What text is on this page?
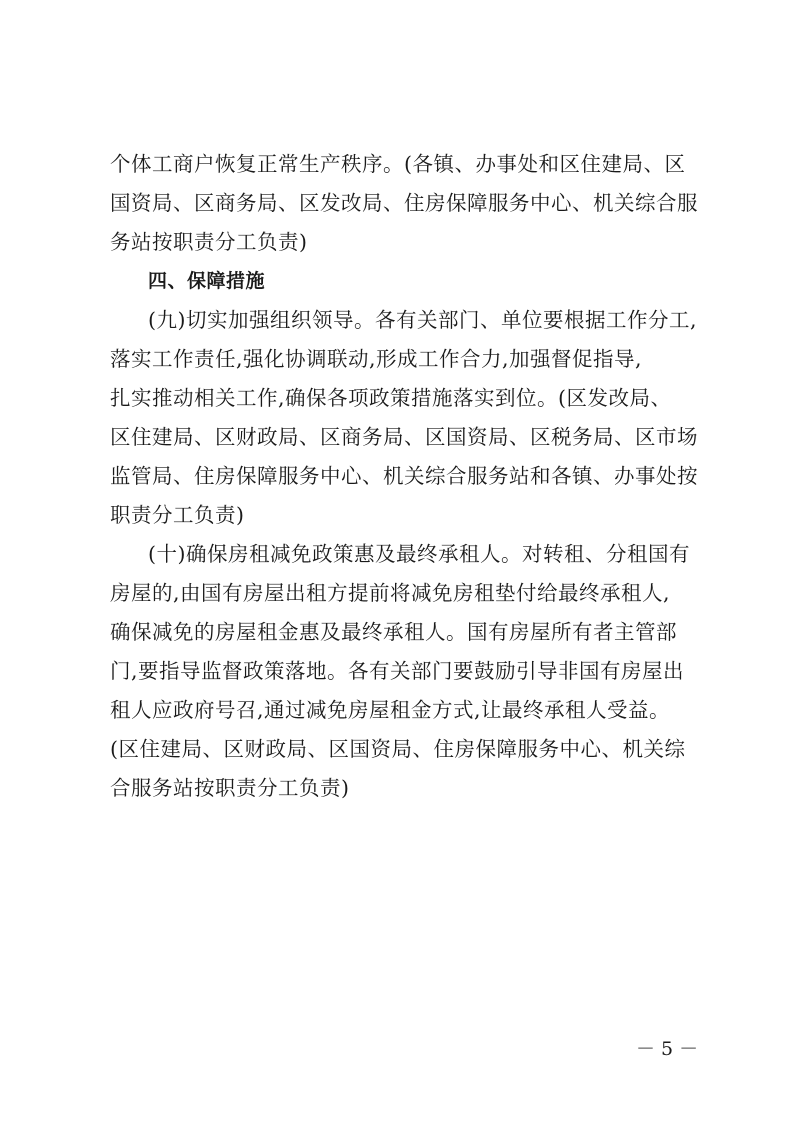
个体工商户恢复正常生产秩序。(各镇、办事处和区住建局、区
国资局、区商务局、区发改局、住房保障服务中心、机关综合服
务站按职责分工负责)
四、保障措施
(九)切实加强组织领导。各有关部门、单位要根据工作分工,
落实工作责任,强化协调联动,形成工作合力,加强督促指导,
扎实推动相关工作,确保各项政策措施落实到位。(区发改局、
区住建局、区财政局、区商务局、区国资局、区税务局、区市场
监管局、住房保障服务中心、机关综合服务站和各镇、办事处按
职责分工负责)
(十)确保房租减免政策惠及最终承租人。对转租、分租国有
房屋的,由国有房屋出租方提前将减免房租垫付给最终承租人,
确保减免的房屋租金惠及最终承租人。国有房屋所有者主管部
门,要指导监督政策落地。各有关部门要鼓励引导非国有房屋出
租人应政府号召,通过减免房屋租金方式,让最终承租人受益。
(区住建局、区财政局、区国资局、住房保障服务中心、机关综
合服务站按职责分工负责)
－ 5 －
